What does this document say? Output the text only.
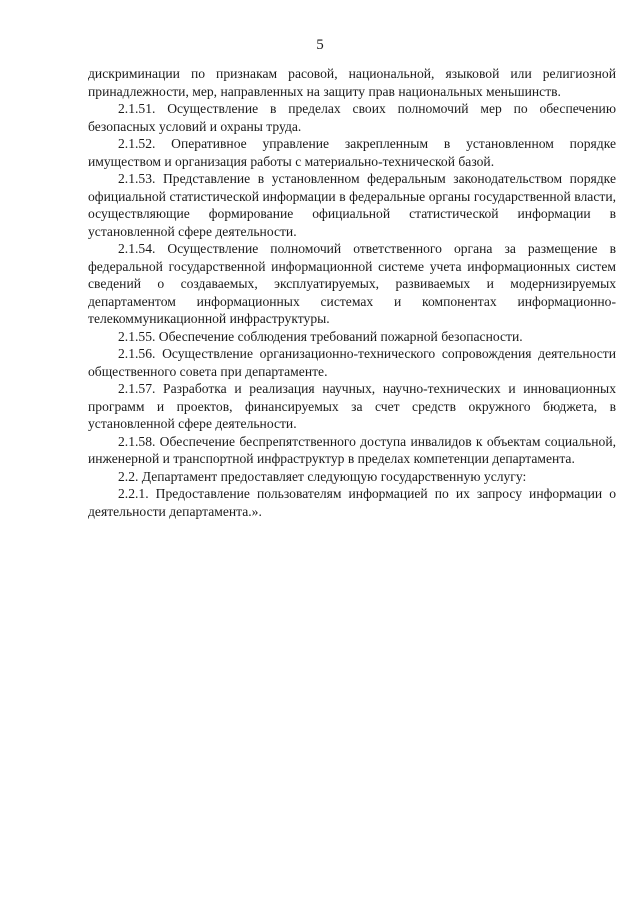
5

дискриминации по признакам расовой, национальной, языковой или религиозной принадлежности, мер, направленных на защиту прав национальных меньшинств.

2.1.51. Осуществление в пределах своих полномочий мер по обеспечению безопасных условий и охраны труда.

2.1.52. Оперативное управление закрепленным в установленном порядке имуществом и организация работы с материально-технической базой.

2.1.53. Представление в установленном федеральным законодательством порядке официальной статистической информации в федеральные органы государственной власти, осуществляющие формирование официальной статистической информации в установленной сфере деятельности.

2.1.54. Осуществление полномочий ответственного органа за размещение в федеральной государственной информационной системе учета информационных систем сведений о создаваемых, эксплуатируемых, развиваемых и модернизируемых департаментом информационных системах и компонентах информационно-телекоммуникационной инфраструктуры.

2.1.55. Обеспечение соблюдения требований пожарной безопасности.

2.1.56. Осуществление организационно-технического сопровождения деятельности общественного совета при департаменте.

2.1.57. Разработка и реализация научных, научно-технических и инновационных программ и проектов, финансируемых за счет средств окружного бюджета, в установленной сфере деятельности.

2.1.58. Обеспечение беспрепятственного доступа инвалидов к объектам социальной, инженерной и транспортной инфраструктур в пределах компетенции департамента.

2.2. Департамент предоставляет следующую государственную услугу:

2.2.1. Предоставление пользователям информацией по их запросу информации о деятельности департамента.».
